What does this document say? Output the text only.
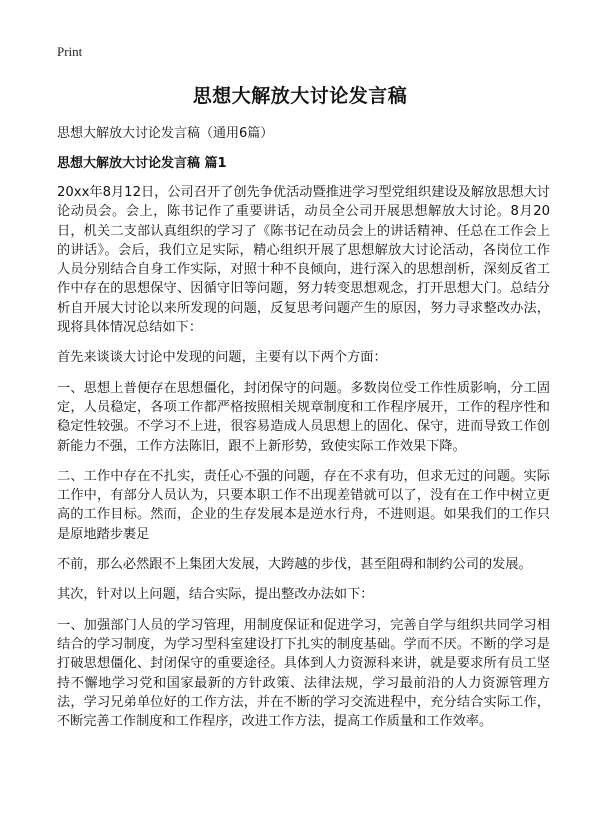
Print
思想大解放大讨论发言稿
思想大解放大讨论发言稿（通用6篇）
思想大解放大讨论发言稿 篇1

20xx年8月12日，公司召开了创先争优活动暨推进学习型党组织建设及解放思想大讨论动员会。会上，陈书记作了重要讲话，动员全公司开展思想解放大讨论。8月20日，机关二支部认真组织的学习了《陈书记在动员会上的讲话精神、任总在工作会上的讲话》。会后，我们立足实际，精心组织开展了思想解放大讨论活动，各岗位工作人员分别结合自身工作实际，对照十种不良倾向，进行深入的思想剖析，深刻反省工作中存在的思想保守、因循守旧等问题，努力转变思想观念，打开思想大门。总结分析自开展大讨论以来所发现的问题，反复思考问题产生的原因，努力寻求整改办法，现将具体情况总结如下：

首先来谈谈大讨论中发现的问题，主要有以下两个方面：

一、思想上普便存在思想僵化，封闭保守的问题。多数岗位受工作性质影响，分工固定，人员稳定，各项工作都严格按照相关规章制度和工作程序展开，工作的程序性和稳定性较强。不学习不上进，很容易造成人员思想上的固化、保守，进而导致工作创新能力不强，工作方法陈旧，跟不上新形势，致使实际工作效果下降。

二、工作中存在不扎实，责任心不强的问题，存在不求有功，但求无过的问题。实际工作中，有部分人员认为，只要本职工作不出现差错就可以了，没有在工作中树立更高的工作目标。然而，企业的生存发展本是逆水行舟，不进则退。如果我们的工作只是原地踏步裹足

不前，那么必然跟不上集团大发展，大跨越的步伐，甚至阻碍和制约公司的发展。

其次，针对以上问题，结合实际，提出整改办法如下：

一、加强部门人员的学习管理，用制度保证和促进学习，完善自学与组织共同学习相结合的学习制度，为学习型科室建设打下扎实的制度基础。学而不厌。不断的学习是打破思想僵化、封闭保守的重要途径。具体到人力资源科来讲，就是要求所有员工坚持不懈地学习党和国家最新的方针政策、法律法规，学习最前沿的人力资源管理方法，学习兄弟单位好的工作方法，并在不断的学习交流进程中，充分结合实际工作，不断完善工作制度和工作程序，改进工作方法，提高工作质量和工作效率。
